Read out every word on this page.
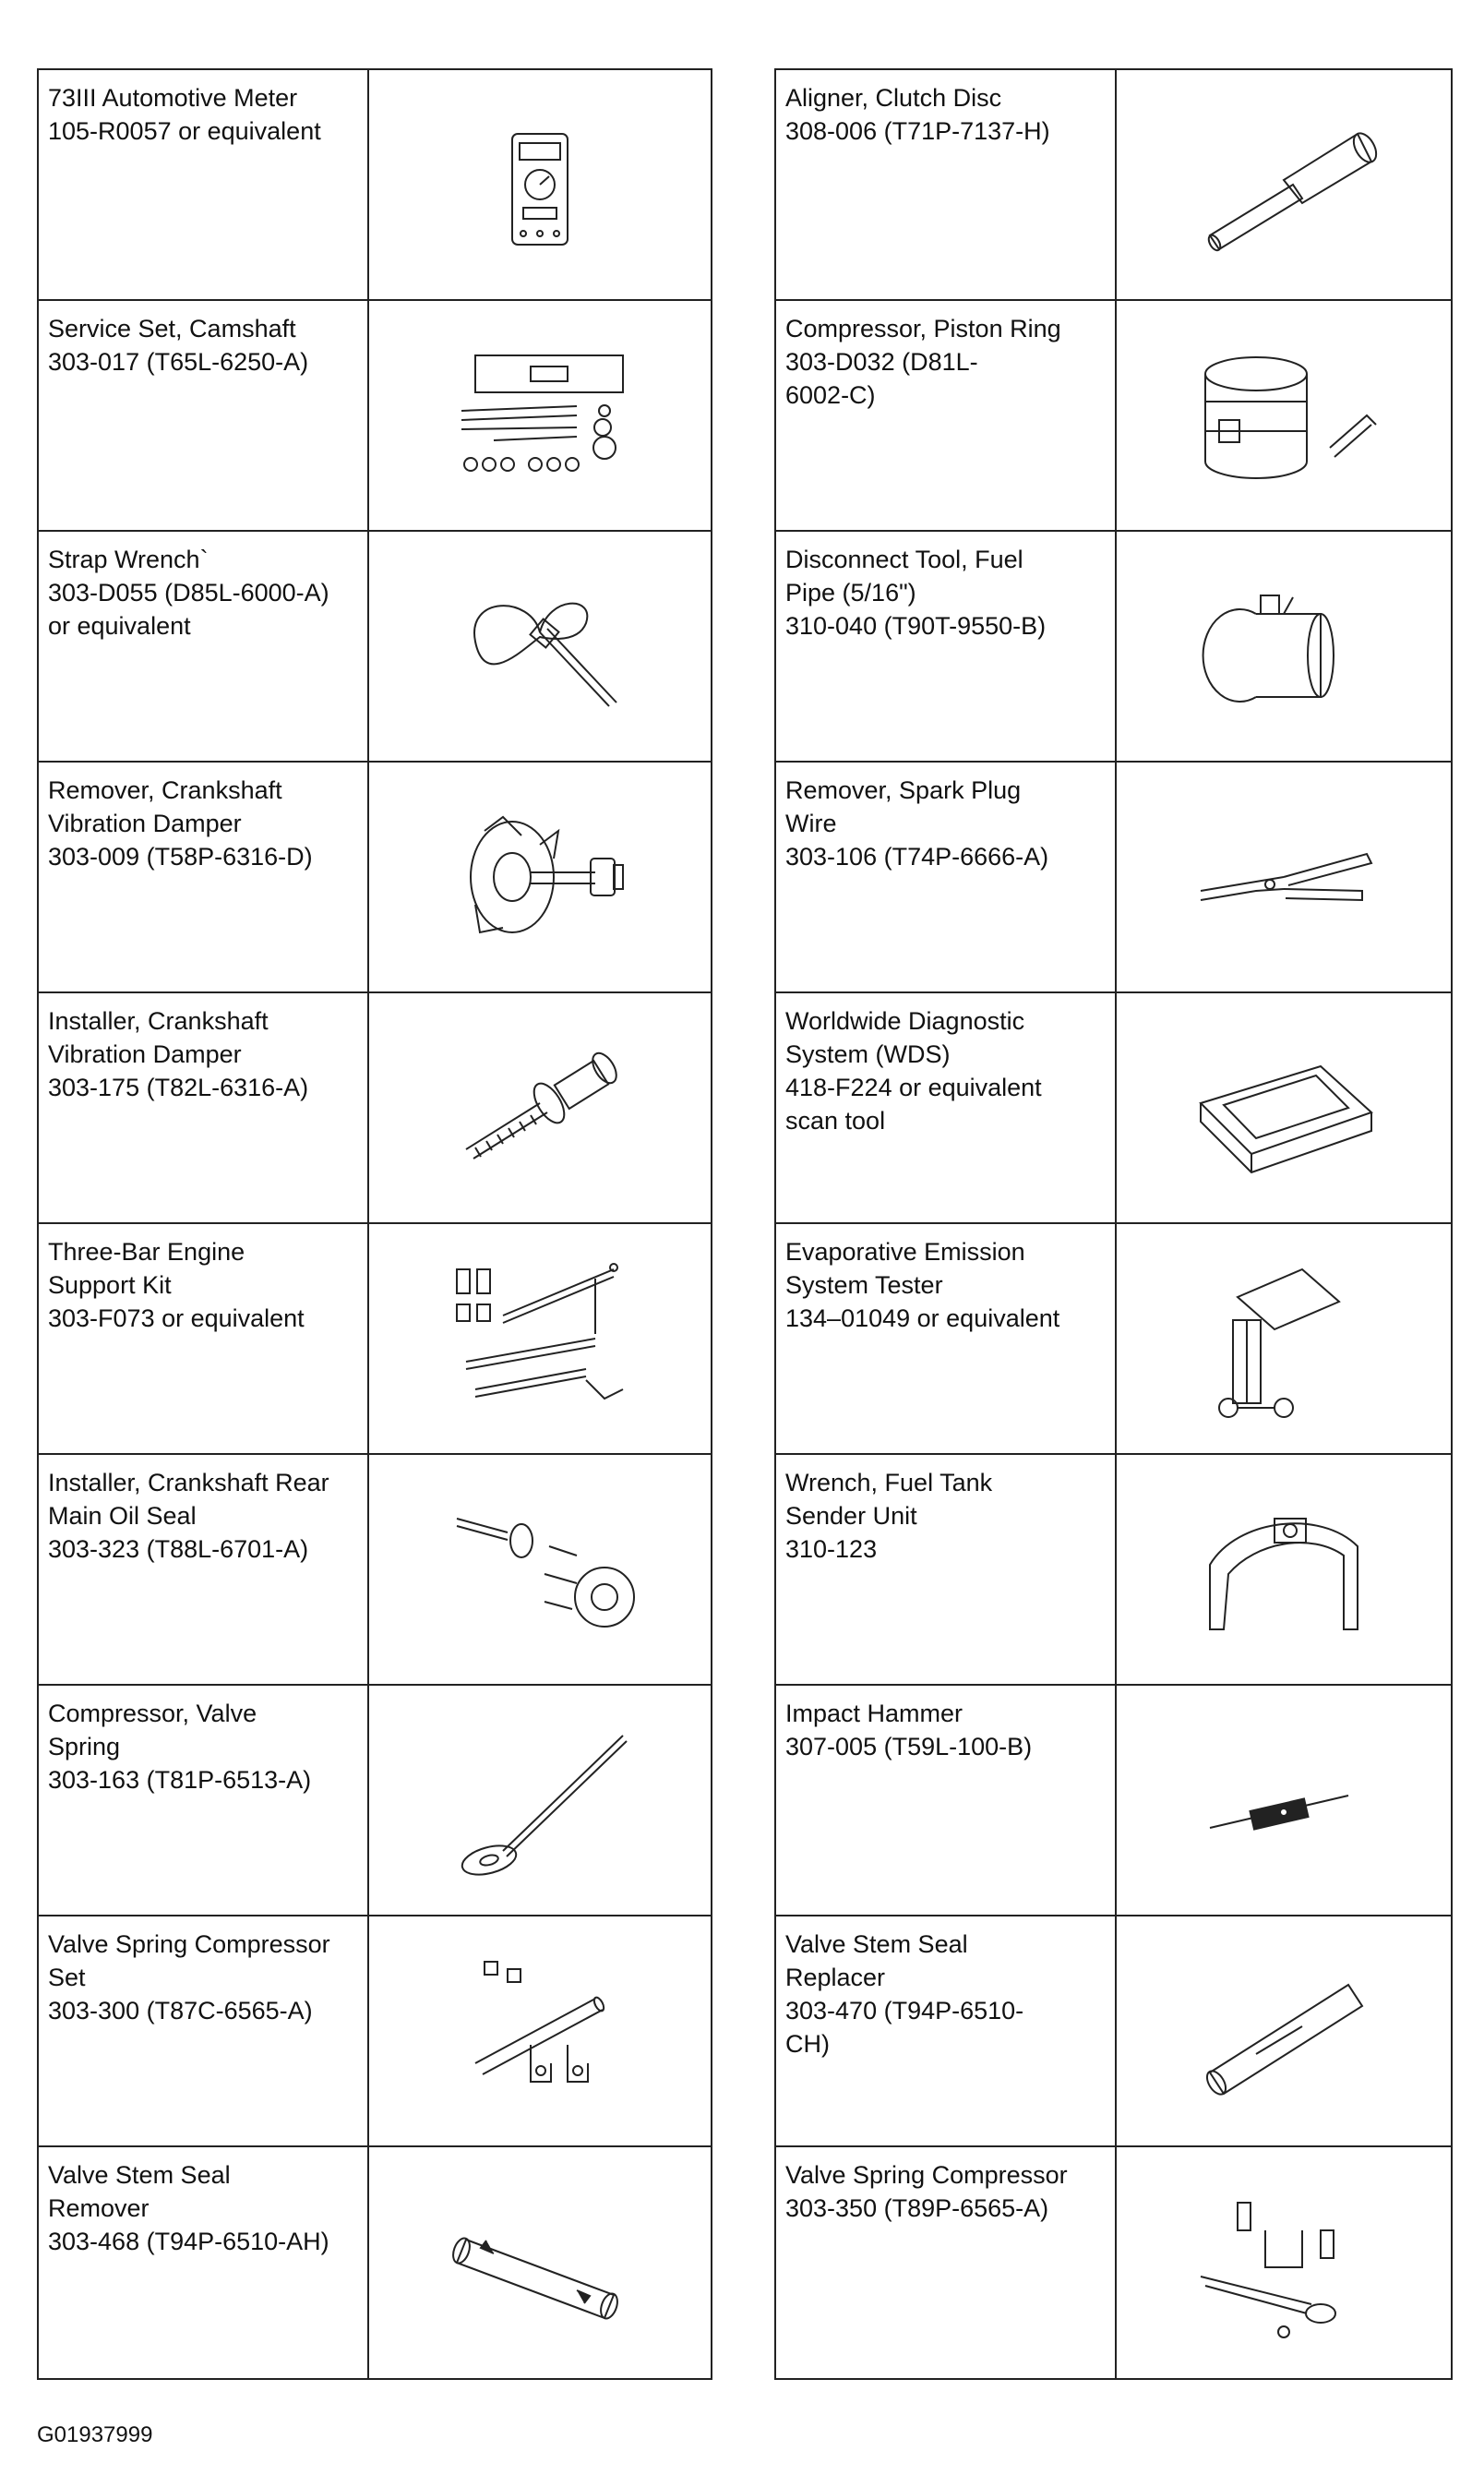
73III Automotive Meter
105-R0057 or equivalent
Service Set, Camshaft
303-017 (T65L-6250-A)
Strap Wrench`
303-D055 (D85L-6000-A)
or equivalent
Remover, Crankshaft
Vibration Damper
303-009 (T58P-6316-D)
Installer, Crankshaft
Vibration Damper
303-175 (T82L-6316-A)
Three-Bar Engine
Support Kit
303-F073 or equivalent
Installer, Crankshaft Rear
Main Oil Seal
303-323 (T88L-6701-A)
Compressor, Valve
Spring
303-163 (T81P-6513-A)
Valve Spring Compressor
Set
303-300 (T87C-6565-A)
Valve Stem Seal
Remover
303-468 (T94P-6510-AH)
Aligner, Clutch Disc
308-006 (T71P-7137-H)
Compressor, Piston Ring
303-D032 (D81L-
6002-C)
Disconnect Tool, Fuel
Pipe (5/16")
310-040 (T90T-9550-B)
Remover, Spark Plug
Wire
303-106 (T74P-6666-A)
Worldwide Diagnostic
System (WDS)
418-F224 or equivalent
scan tool
Evaporative Emission
System Tester
134–01049 or equivalent
Wrench, Fuel Tank
Sender Unit
310-123
Impact Hammer
307-005 (T59L-100-B)
Valve Stem Seal
Replacer
303-470 (T94P-6510-
CH)
Valve Spring Compressor
303-350 (T89P-6565-A)
G01937999
